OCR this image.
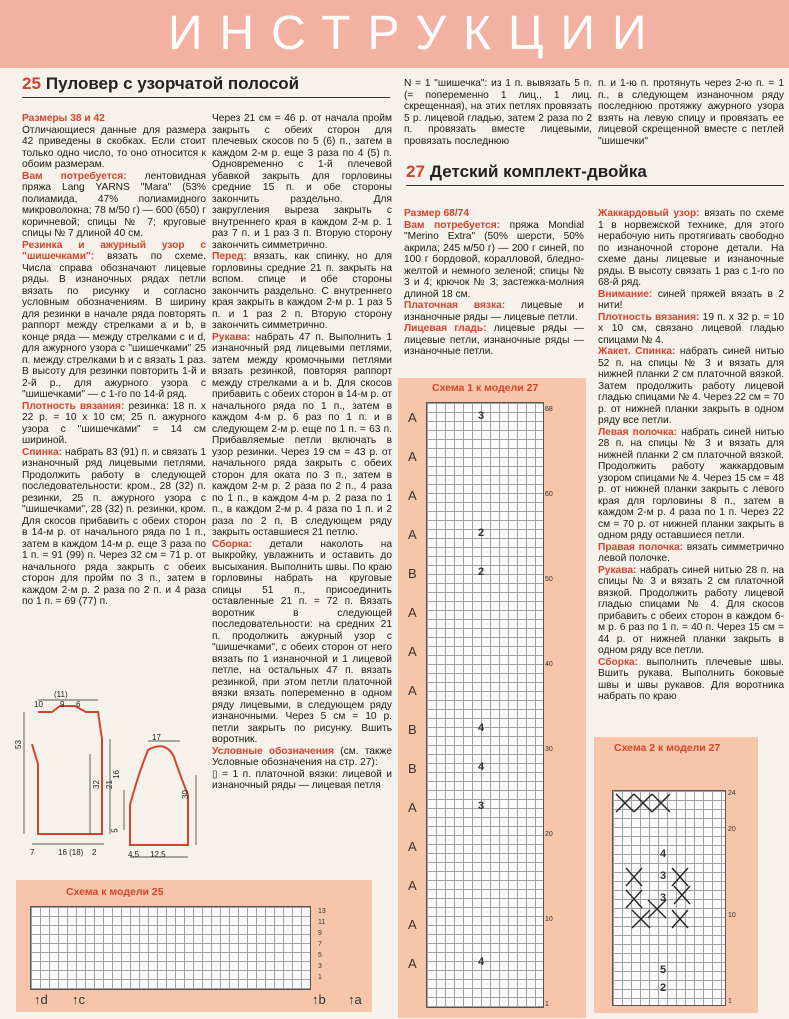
ИНСТРУКЦИИ
25 Пуловер с узорчатой полосой

Размеры 38 и 42

Отличающиеся данные для размера 42 приведены в скобках. Если стоит только одно число, то оно относится к обоим размерам.

Вам потребуется: лентовидная пряжа Lang YARNS "Mara" (53% полиамида, 47% полиамидного микроволокна; 78 м/50 г) — 600 (650) г коричневой; спицы № 7; круговые спицы № 7 длиной 40 см.

Резинка и ажурный узор с "шишечками": вязать по схеме. Числа справа обозначают лицевые ряды. В изнаночных рядах петли вязать по рисунку и согласно условным обозначениям. В ширину для резинки в начале ряда повторять раппорт между стрелками a и b, в конце ряда — между стрелками c и d, для ажурного узора с "шишечками" 25 п. между стрелками b и c вязать 1 раз. В высоту для резинки повторить 1-й и 2-й р., для ажурного узора с "шишечками" — с 1-го по 14-й ряд.

Плотность вязания: резинка: 18 п. x 22 р. = 10 x 10 см; 25 п. ажурного узора с "шишечками" = 14 см шириной.

Спинка: набрать 83 (91) п. и связать 1 изнаночный ряд лицевыми петлями. Продолжить работу в следующей последовательности: кром., 28 (32) п. резинки, 25 п. ажурного узора с "шишечками", 28 (32) п. резинки, кром. Для скосов прибавить с обеих сторон в 14-м р. от начального ряда по 1 п., затем в каждом 14-м р. еще 3 раза по 1 п. = 91 (99) п. Через 32 см = 71 р. от начального ряда закрыть с обеих сторон для пройм по 3 п., затем в каждом 2-м р. 2 раза по 2 п. и 4 раза по 1 п. = 69 (77) п.

Через 21 см = 46 р. от начала пройм закрыть с обеих сторон для плечевых скосов по 5 (6) п., затем в каждом 2-м р. еще 3 раза по 4 (5) п. Одновременно с 1-й плечевой убавкой закрыть для горловины средние 15 п. и обе стороны закончить раздельно. Для закругления выреза закрыть с внутреннего края в каждом 2-м р. 1 раз 7 п. и 1 раз 3 п. Вторую сторону закончить симметрично.

Перед: вязать, как спинку, но для горловины средние 21 п. закрыть на вспом. спице и обе стороны закончить раздельно. С внутреннего края закрыть в каждом 2-м р. 1 раз 5 п. и 1 раз 2 п. Вторую сторону закончить симметрично.

Рукава: набрать 47 п. Выполнить 1 изнаночный ряд лицевыми петлями, затем между кромочными петлями вязать резинкой, повторяя раппорт между стрелками a и b. Для скосов прибавить с обеих сторон в 14-м р. от начального ряда по 1 п., затем в каждом 4-м р. 6 раз по 1 п. и в следующем 2-м р. еще по 1 п. = 63 п. Прибавляемые петли включать в узор резинки. Через 19 см = 43 р. от начального ряда закрыть с обеих сторон для оката по 3 п., затем в каждом 2-м р. 2 раза по 2 п., 4 раза по 1 п., в каждом 4-м р. 2 раза по 1 п., в каждом 2-м р. 4 раза по 1 п. и 2 раза по 2 п. В следующем ряду закрыть оставшиеся 21 петлю.

Сборка: детали наколоть на выкройку, увлажнить и оставить до высыхания. Выполнить швы. По краю горловины набрать на круговые спицы 51 п., присоединить оставленные 21 п. = 72 п. Вязать воротник в следующей последовательности: на средних 21 п. продолжить ажурный узор с "шишечками", с обеих сторон от него вязать по 1 изнаночной и 1 лицевой петле, на остальных 47 п. вязать резинкой, при этом петли платочной вязки вязать попеременно в одном ряду лицевыми, в следующем ряду изнаночными. Через 5 см = 10 р. петли закрыть по рисунку. Вшить воротник.

Условные обозначения (см. также Условные обозначения на стр. 27):

▯ = 1 п. платочной вязки: лицевой и изнаночный ряды — лицевая петля

10
(11)
9 6
53
32 21
7	16 (18) 2
17
30
16
5
4,5 12,5
Схема к модели 25
13
11
9
7
5
3
1
↑d ↑c	↑b ↑a
N = 1 "шишечка": из 1 п. вывязать 5 п. (= попеременно 1 лиц., 1 лиц. скрещенная), на этих петлях провязать 5 р. лицевой гладью, затем 2 раза по 2 п. провязать вместе лицевыми, провязать последнюю
п. и 1-ю п. протянуть через 2-ю п. = 1 п., в следующем изнаночном ряду последнюю протяжку ажурного узора взять на левую спицу и провязать ее лицевой скрещенной вместе с петлей "шишечки"
27 Детский комплект-двойка

Размер 68/74

Вам потребуется: пряжа Mondial "Merino Extra" (50% шерсти, 50% акрила; 245 м/50 г) — 200 г синей, по 100 г бордовой, коралловой, бледно-желтой и немного зеленой; спицы № 3 и 4; крючок № 3; застежка-молния длиной 18 см.

Платочная вязка: лицевые и изнаночные ряды — лицевые петли.

Лицевая гладь: лицевые ряды — лицевые петли, изнаночные ряды — изнаночные петли.

Жаккардовый узор: вязать по схеме 1 в норвежской технике, для этого нерабочую нить протягивать свободно по изнаночной стороне детали. На схеме даны лицевые и изнаночные ряды. В высоту связать 1 раз с 1-го по 68-й ряд.

Внимание: синей пряжей вязать в 2 нити!

Плотность вязания: 19 п. x 32 р. = 10 x 10 см, связано лицевой гладью спицами № 4.

Жакет. Спинка: набрать синей нитью 52 п. на спицы № 3 и вязать для нижней планки 2 см платочной вязкой. Затем продолжить работу лицевой гладью спицами № 4. Через 22 см = 70 р. от нижней планки закрыть в одном ряду все петли.

Левая полочка: набрать синей нитью 28 п. на спицы № 3 и вязать для нижней планки 2 см платочной вязкой. Продолжить работу жаккардовым узором спицами № 4. Через 15 см = 48 р. от нижней планки закрыть с левого края для горловины 8 п., затем в каждом 2-м р. 4 раза по 1 п. Через 22 см = 70 р. от нижней планки закрыть в одном ряду оставшиеся петли.

Правая полочка: вязать симметрично левой полочке.

Рукава: набрать синей нитью 28 п. на спицы № 3 и вязать 2 см платочной вязкой. Продолжить работу лицевой гладью спицами № 4. Для скосов прибавить с обеих сторон в каждом 6-м р. 6 раз по 1 п. = 40 п. Через 15 см = 44 р. от нижней планки закрыть в одном ряду все петли.

Сборка: выполнить плечевые швы. Вшить рукава. Выполнить боковые швы и швы рукавов. Для воротника набрать по краю

Схема 1 к модели 27
A	3
A
A
A	2
B	2
A
A
A
B	4
B	4
A	3
A
A
A
A	4
68
60
50
40
30
20
10
1
Схема 2 к модели 27
4
3
3
5
2
24
20
10
1
